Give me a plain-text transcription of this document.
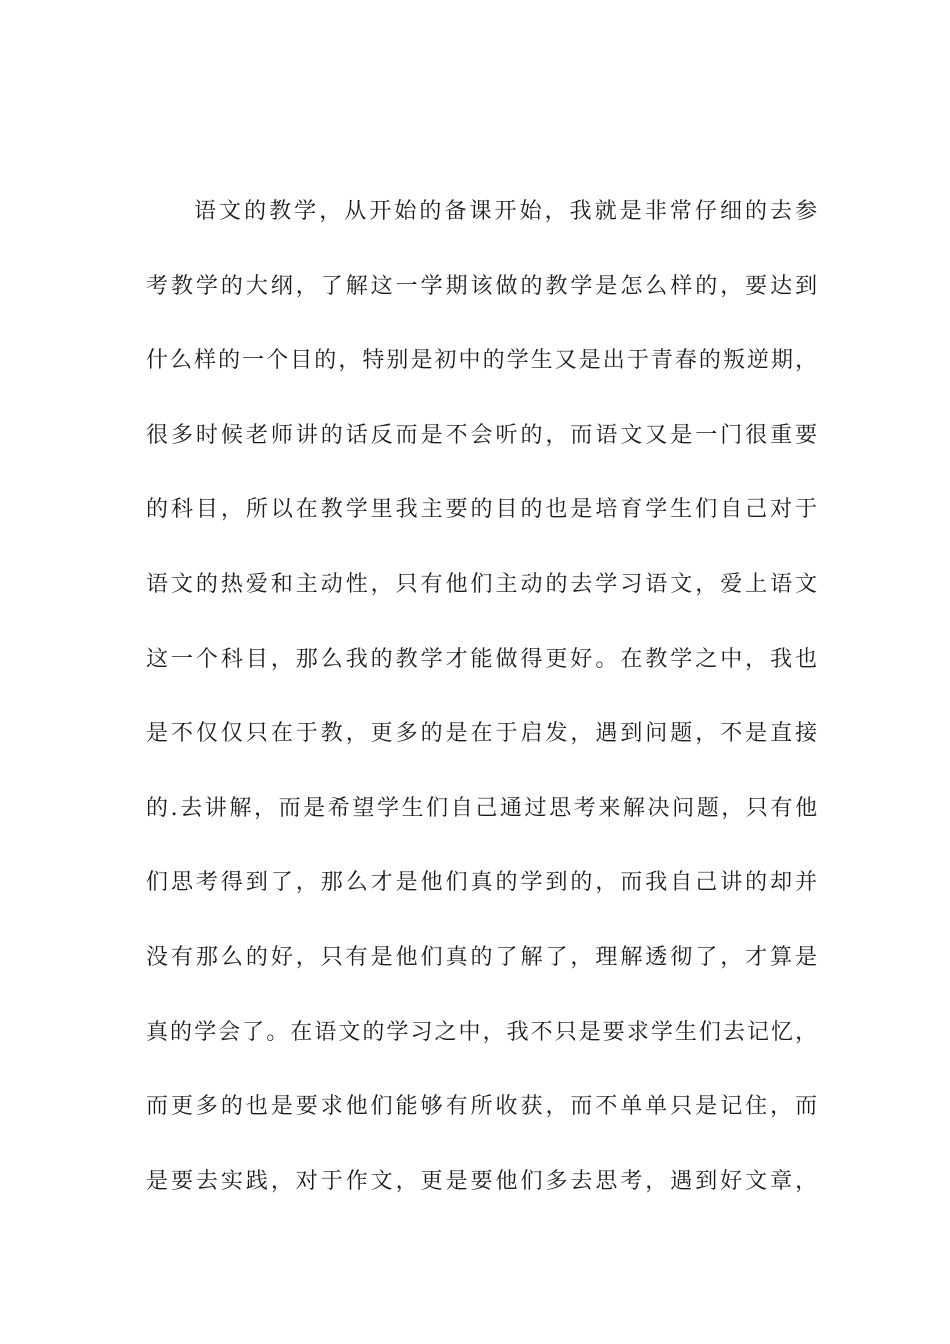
语文的教学，从开始的备课开始，我就是非常仔细的去参
考教学的大纲，了解这一学期该做的教学是怎么样的，要达到
什么样的一个目的，特别是初中的学生又是出于青春的叛逆期，
很多时候老师讲的话反而是不会听的，而语文又是一门很重要
的科目，所以在教学里我主要的目的也是培育学生们自己对于
语文的热爱和主动性，只有他们主动的去学习语文，爱上语文
这一个科目，那么我的教学才能做得更好。在教学之中，我也
是不仅仅只在于教，更多的是在于启发，遇到问题，不是直接
的.去讲解，而是希望学生们自己通过思考来解决问题，只有他
们思考得到了，那么才是他们真的学到的，而我自己讲的却并
没有那么的好，只有是他们真的了解了，理解透彻了，才算是
真的学会了。在语文的学习之中，我不只是要求学生们去记忆，
而更多的也是要求他们能够有所收获，而不单单只是记住，而
是要去实践，对于作文，更是要他们多去思考，遇到好文章，
